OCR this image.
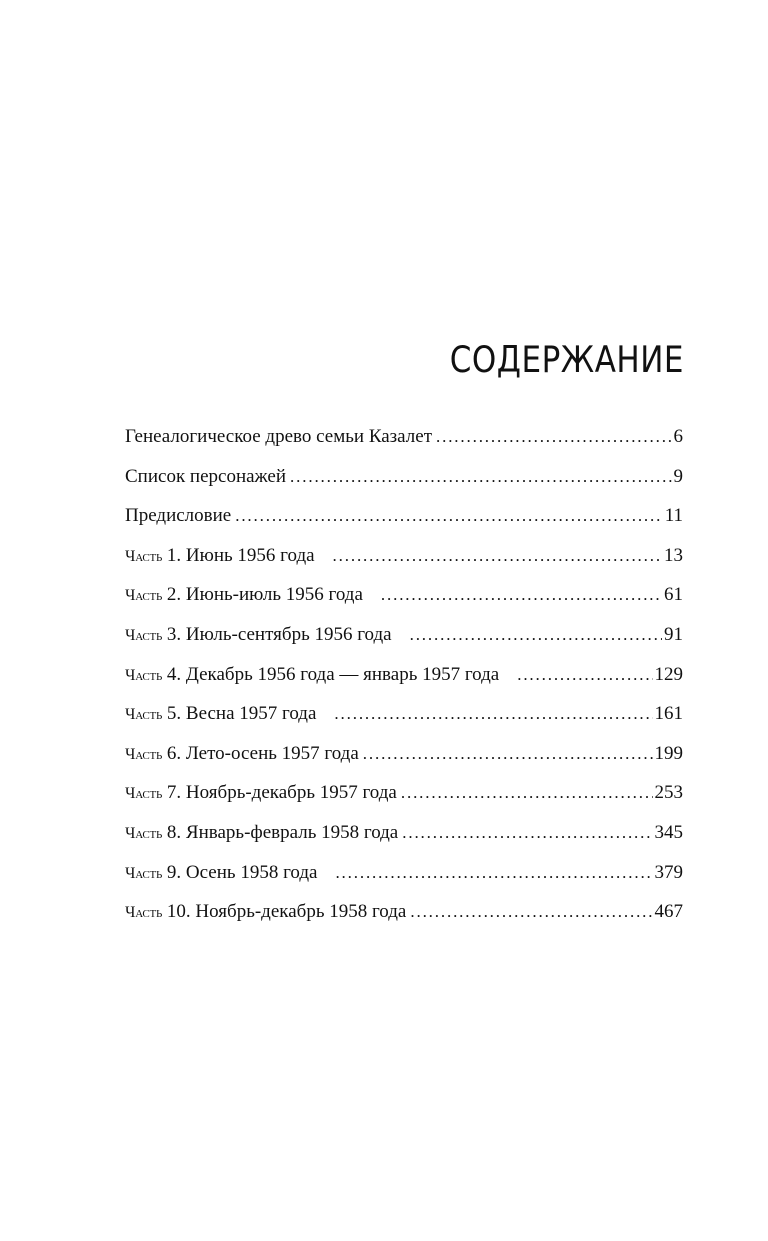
СОДЕРЖАНИЕ
Генеалогическое древо семьи Казалет . . .	6
Список персонажей . . .	9
Предисловие . . .	11
Часть 1. Июнь 1956 года . . .	13
Часть 2. Июнь-июль 1956 года . . .	61
Часть 3. Июль-сентябрь 1956 года . . .	91
Часть 4. Декабрь 1956 года — январь 1957 года . . .	129
Часть 5. Весна 1957 года . . .	161
Часть 6. Лето-осень 1957 года . . .	199
Часть 7. Ноябрь-декабрь 1957 года . . .	253
Часть 8. Январь-февраль 1958 года . . .	345
Часть 9. Осень 1958 года . . .	379
Часть 10. Ноябрь-декабрь 1958 года . . .	467
